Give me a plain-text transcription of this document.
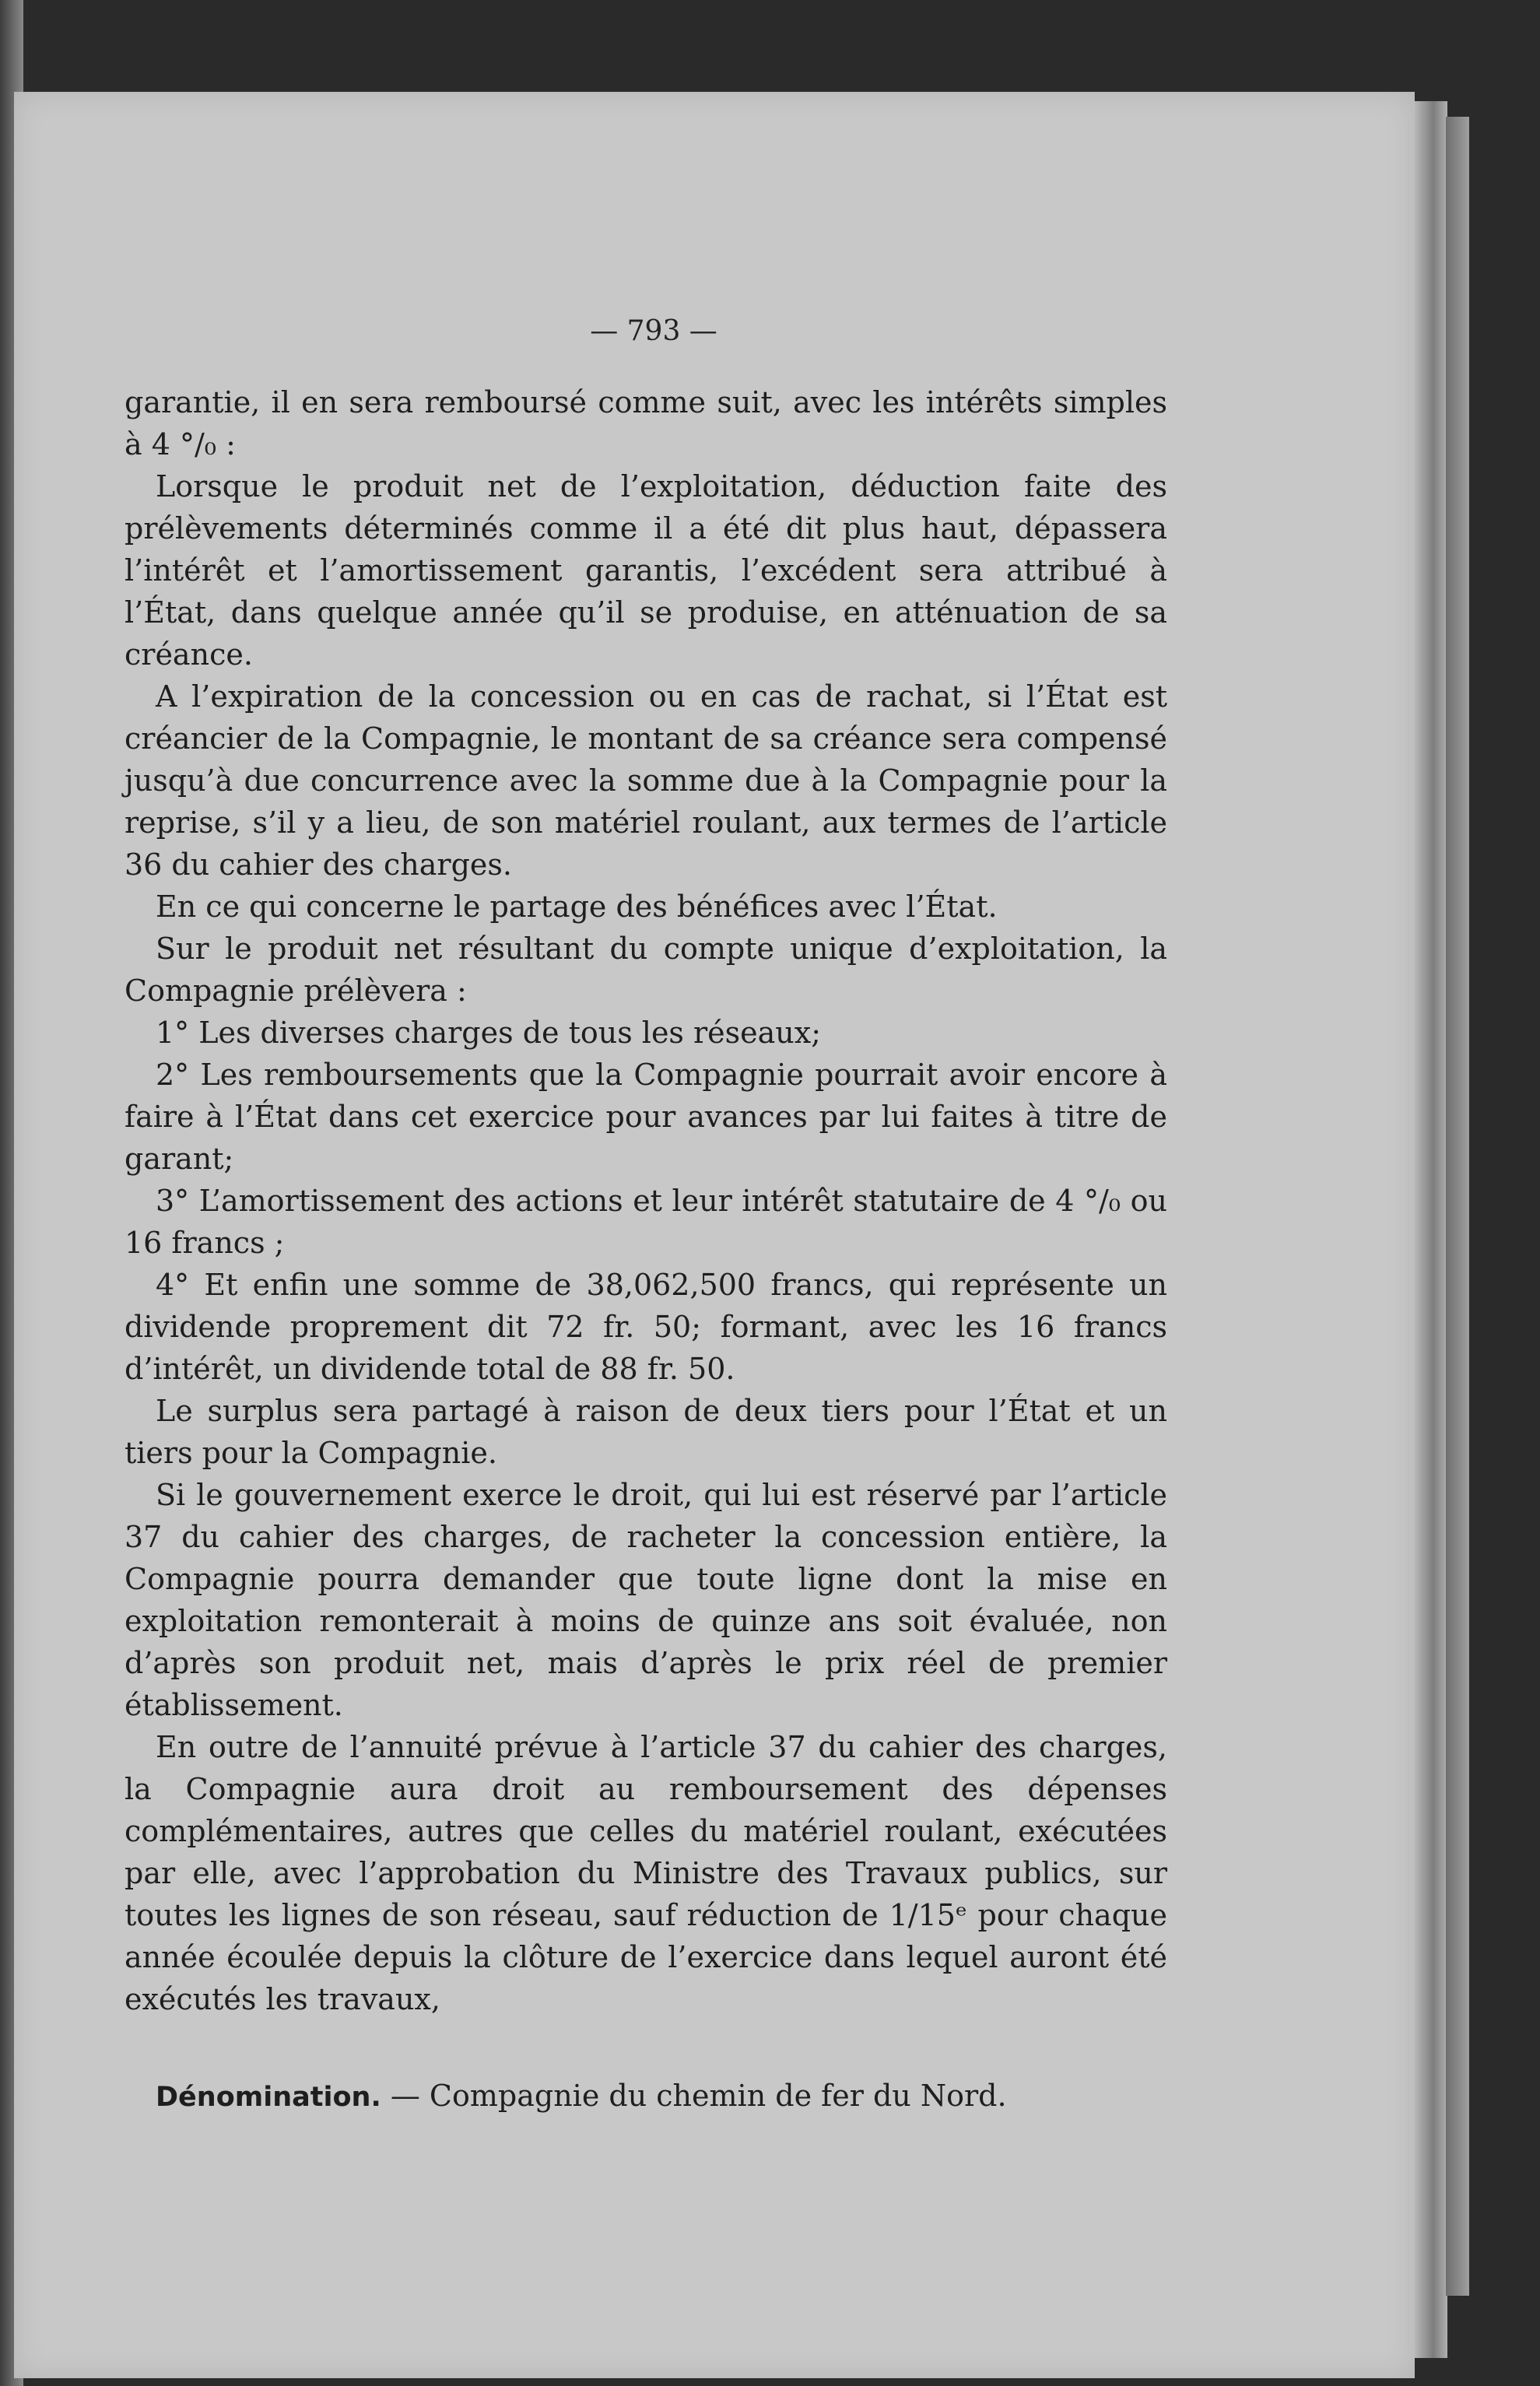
— 793 —

garantie, il en sera remboursé comme suit, avec les intérêts simples à 4 °/₀ :

Lorsque le produit net de l’exploitation, déduction faite des prélèvements déterminés comme il a été dit plus haut, dépassera l’intérêt et l’amortissement garantis, l’excédent sera attribué à l’État, dans quelque année qu’il se produise, en atténuation de sa créance.

A l’expiration de la concession ou en cas de rachat, si l’État est créancier de la Compagnie, le montant de sa créance sera compensé jusqu’à due concurrence avec la somme due à la Compagnie pour la reprise, s’il y a lieu, de son matériel roulant, aux termes de l’article 36 du cahier des charges.

En ce qui concerne le partage des bénéfices avec l’État.

Sur le produit net résultant du compte unique d’exploitation, la Compagnie prélèvera :

1° Les diverses charges de tous les réseaux;

2° Les remboursements que la Compagnie pourrait avoir encore à faire à l’État dans cet exercice pour avances par lui faites à titre de garant;

3° L’amortissement des actions et leur intérêt statutaire de 4 °/₀ ou 16 francs ;

4° Et enfin une somme de 38,062,500 francs, qui représente un dividende proprement dit 72 fr. 50; formant, avec les 16 francs d’intérêt, un dividende total de 88 fr. 50.

Le surplus sera partagé à raison de deux tiers pour l’État et un tiers pour la Compagnie.

Si le gouvernement exerce le droit, qui lui est réservé par l’article 37 du cahier des charges, de racheter la concession entière, la Compagnie pourra demander que toute ligne dont la mise en exploitation remonterait à moins de quinze ans soit évaluée, non d’après son produit net, mais d’après le prix réel de premier établissement.

En outre de l’annuité prévue à l’article 37 du cahier des charges, la Compagnie aura droit au remboursement des dépenses complémentaires, autres que celles du matériel roulant, exécutées par elle, avec l’approbation du Ministre des Travaux publics, sur toutes les lignes de son réseau, sauf réduction de 1/15ᵉ pour chaque année écoulée depuis la clôture de l’exercice dans lequel auront été exécutés les travaux,

Dénomination. — Compagnie du chemin de fer du Nord.
